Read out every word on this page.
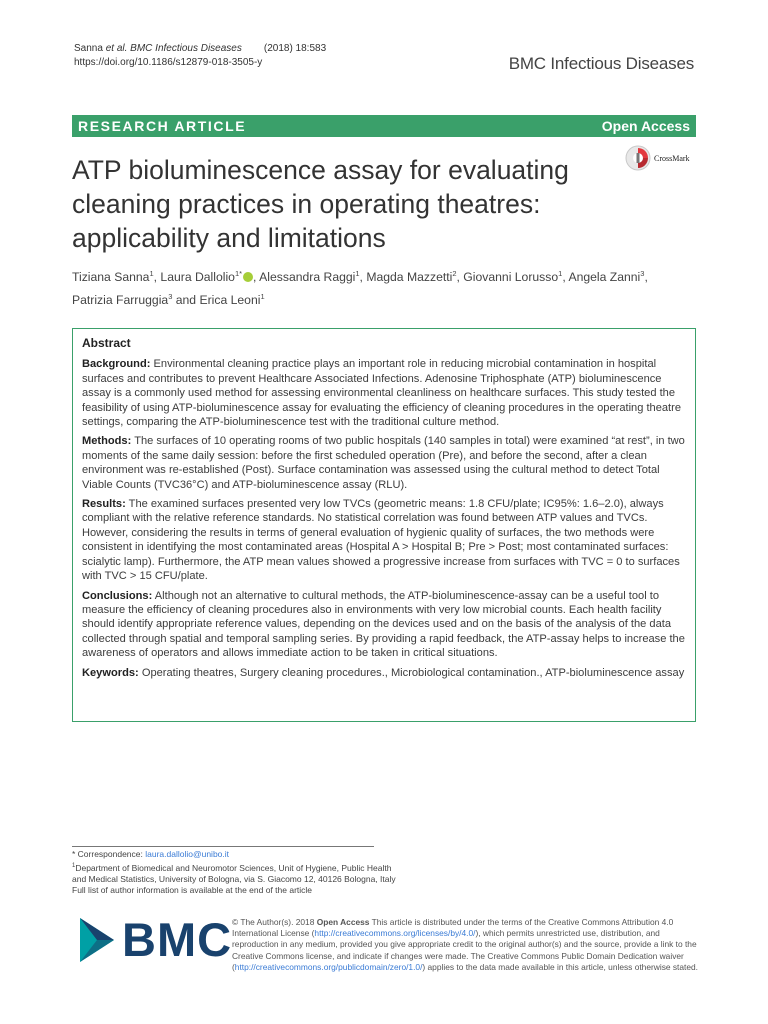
Sanna et al. BMC Infectious Diseases (2018) 18:583
https://doi.org/10.1186/s12879-018-3505-y	BMC Infectious Diseases
RESEARCH ARTICLE	Open Access
ATP bioluminescence assay for evaluating cleaning practices in operating theatres: applicability and limitations
CrossMark
Tiziana Sanna$^1$, Laura Dallolio$^{1*}$ , Alessandra Raggi$^1$, Magda Mazzetti$^2$, Giovanni Lorusso$^1$, Angela Zanni$^3$,
Patrizia Farruggia$^3$ and Erica Leoni$^1$
Abstract

Background: Environmental cleaning practice plays an important role in reducing microbial contamination in hospital surfaces and contributes to prevent Healthcare Associated Infections. Adenosine Triphosphate (ATP) bioluminescence assay is a commonly used method for assessing environmental cleanliness on healthcare surfaces. This study tested the feasibility of using ATP-bioluminescence assay for evaluating the efficiency of cleaning procedures in the operating theatre settings, comparing the ATP-bioluminescence test with the traditional culture method.

Methods: The surfaces of 10 operating rooms of two public hospitals (140 samples in total) were examined “at rest”, in two moments of the same daily session: before the first scheduled operation (Pre), and before the second, after a clean environment was re-established (Post). Surface contamination was assessed using the cultural method to detect Total Viable Counts (TVC36°C) and ATP-bioluminescence assay (RLU).

Results: The examined surfaces presented very low TVCs (geometric means: 1.8 CFU/plate; IC95%: 1.6–2.0), always compliant with the relative reference standards. No statistical correlation was found between ATP values and TVCs. However, considering the results in terms of general evaluation of hygienic quality of surfaces, the two methods were consistent in identifying the most contaminated areas (Hospital A > Hospital B; Pre > Post; most contaminated surfaces: scialytic lamp). Furthermore, the ATP mean values showed a progressive increase from surfaces with TVC = 0 to surfaces with TVC > 15 CFU/plate.

Conclusions: Although not an alternative to cultural methods, the ATP-bioluminescence-assay can be a useful tool to measure the efficiency of cleaning procedures also in environments with very low microbial counts. Each health facility should identify appropriate reference values, depending on the devices used and on the basis of the analysis of the data collected through spatial and temporal sampling series. By providing a rapid feedback, the ATP-assay helps to increase the awareness of operators and allows immediate action to be taken in critical situations.

Keywords: Operating theatres, Surgery cleaning procedures., Microbiological contamination., ATP-bioluminescence assay

* Correspondence: laura.dallolio@unibo.it
$^1$Department of Biomedical and Neuromotor Sciences, Unit of Hygiene, Public Health and Medical Statistics, University of Bologna, via S. Giacomo 12, 40126 Bologna, Italy
Full list of author information is available at the end of the article
BMC © The Author(s). 2018 Open Access This article is distributed under the terms of the Creative Commons Attribution 4.0 International License (http://creativecommons.org/licenses/by/4.0/), which permits unrestricted use, distribution, and reproduction in any medium, provided you give appropriate credit to the original author(s) and the source, provide a link to the Creative Commons license, and indicate if changes were made. The Creative Commons Public Domain Dedication waiver (http://creativecommons.org/publicdomain/zero/1.0/) applies to the data made available in this article, unless otherwise stated.
